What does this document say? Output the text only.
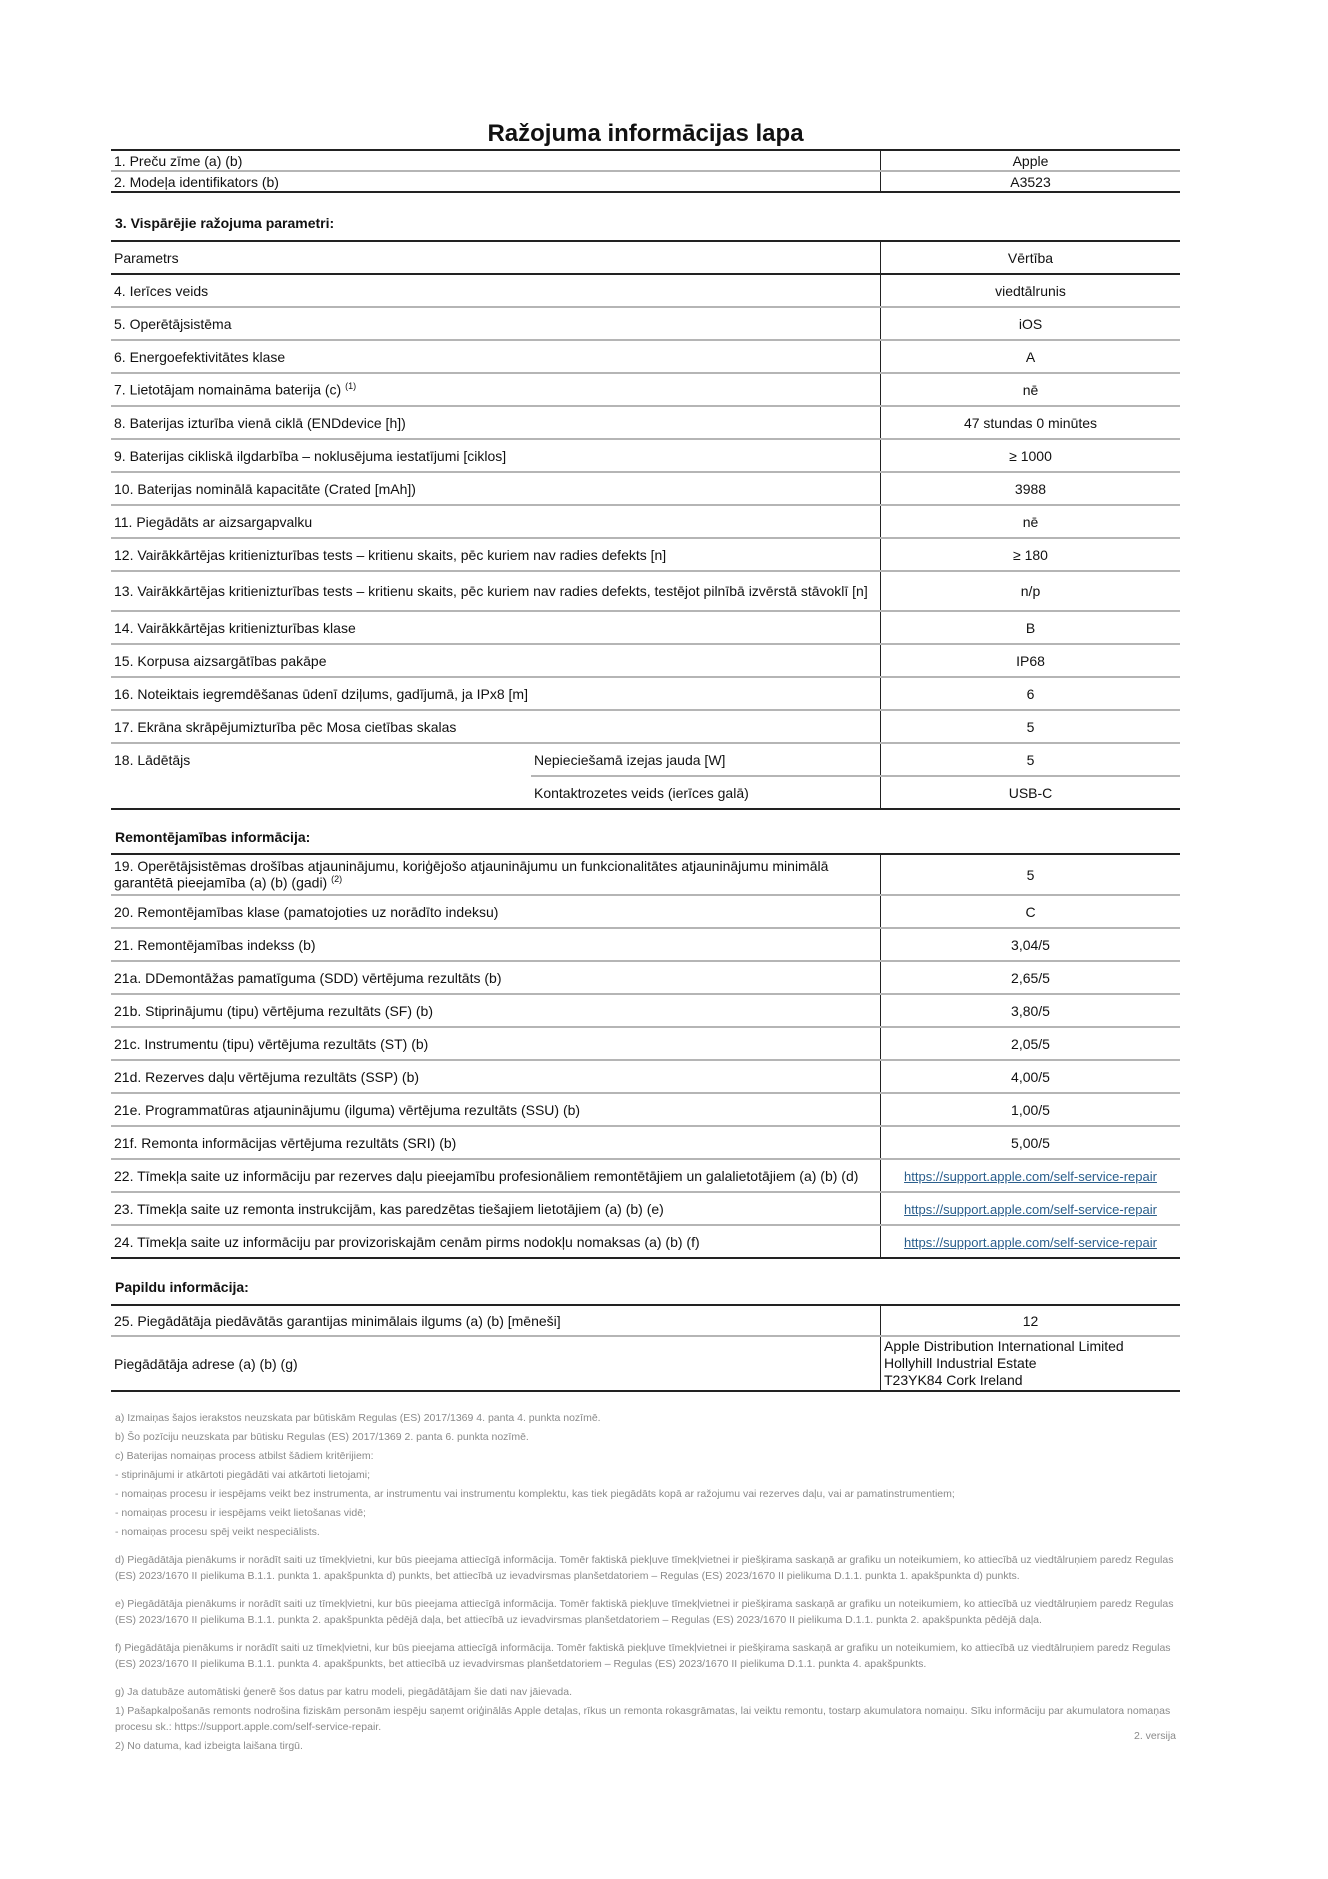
Ražojuma informācijas lapa
1. Preču zīme (a) (b)	Apple
2. Modeļa identifikators (b)	A3523
3. Vispārējie ražojuma parametri:
Parametrs		Vērtība
4. Ierīces veids		viedtālrunis
5. Operētājsistēma		iOS
6. Energoefektivitātes klase		A
7. Lietotājam nomaināma baterija (c) $^{(1)}$		nē
8. Baterijas izturība vienā ciklā (ENDdevice [h])		47 stundas 0 minūtes
9. Baterijas cikliskā ilgdarbība – noklusējuma iestatījumi [ciklos]		≥ 1000
10. Baterijas nominālā kapacitāte (Crated [mAh])		3988
11. Piegādāts ar aizsargapvalku		nē
12. Vairākkārtējas kritienizturības tests – kritienu skaits, pēc kuriem nav radies defekts [n]		≥ 180
13. Vairākkārtējas kritienizturības tests – kritienu skaits, pēc kuriem nav radies defekts, testējot pilnībā izvērstā stāvoklī [n]		n/p
14. Vairākkārtējas kritienizturības klase		B
15. Korpusa aizsargātības pakāpe		IP68
16. Noteiktais iegremdēšanas ūdenī dziļums, gadījumā, ja IPx8 [m]		6
17. Ekrāna skrāpējumizturība pēc Mosa cietības skalas		5
18. Lādētājs	Nepieciešamā izejas jauda [W]	5
	Kontaktrozetes veids (ierīces galā)	USB-C
Remontējamības informācija:
19. Operētājsistēmas drošības atjauninājumu, koriģējošo atjauninājumu un funkcionalitātes atjauninājumu minimālā garantētā pieejamība (a) (b) (gadi) $^{(2)}$	5
20. Remontējamības klase (pamatojoties uz norādīto indeksu)	C
21. Remontējamības indekss (b)	3,04/5
21a. DDemontāžas pamatīguma (SDD) vērtējuma rezultāts (b)	2,65/5
21b. Stiprinājumu (tipu) vērtējuma rezultāts (SF) (b)	3,80/5
21c. Instrumentu (tipu) vērtējuma rezultāts (ST) (b)	2,05/5
21d. Rezerves daļu vērtējuma rezultāts (SSP) (b)	4,00/5
21e. Programmatūras atjauninājumu (ilguma) vērtējuma rezultāts (SSU) (b)	1,00/5
21f. Remonta informācijas vērtējuma rezultāts (SRI) (b)	5,00/5
22. Tīmekļa saite uz informāciju par rezerves daļu pieejamību profesionāliem remontētājiem un galalietotājiem (a) (b) (d)	https://support.apple.com/self-service-repair
23. Tīmekļa saite uz remonta instrukcijām, kas paredzētas tiešajiem lietotājiem (a) (b) (e)	https://support.apple.com/self-service-repair
24. Tīmekļa saite uz informāciju par provizoriskajām cenām pirms nodokļu nomaksas (a) (b) (f)	https://support.apple.com/self-service-repair
Papildu informācija:
25. Piegādātāja piedāvātās garantijas minimālais ilgums (a) (b) [mēneši]	12
Piegādātāja adrese (a) (b) (g)	Apple Distribution International Limited
Hollyhill Industrial Estate
T23YK84 Cork Ireland

a) Izmaiņas šajos ierakstos neuzskata par būtiskām Regulas (ES) 2017/1369 4. panta 4. punkta nozīmē.

b) Šo pozīciju neuzskata par būtisku Regulas (ES) 2017/1369 2. panta 6. punkta nozīmē.

c) Baterijas nomaiņas process atbilst šādiem kritērijiem:

- stiprinājumi ir atkārtoti piegādāti vai atkārtoti lietojami;

- nomaiņas procesu ir iespējams veikt bez instrumenta, ar instrumentu vai instrumentu komplektu, kas tiek piegādāts kopā ar ražojumu vai rezerves daļu, vai ar pamatinstrumentiem;

- nomaiņas procesu ir iespējams veikt lietošanas vidē;

- nomaiņas procesu spēj veikt nespeciālists.

d) Piegādātāja pienākums ir norādīt saiti uz tīmekļvietni, kur būs pieejama attiecīgā informācija. Tomēr faktiskā piekļuve tīmekļvietnei ir piešķirama saskaņā ar grafiku un noteikumiem, ko attiecībā uz viedtālruņiem paredz Regulas (ES) 2023/1670 II pielikuma B.1.1. punkta 1. apakšpunkta d) punkts, bet attiecībā uz ievadvirsmas planšetdatoriem – Regulas (ES) 2023/1670 II pielikuma D.1.1. punkta 1. apakšpunkta d) punkts.

e) Piegādātāja pienākums ir norādīt saiti uz tīmekļvietni, kur būs pieejama attiecīgā informācija. Tomēr faktiskā piekļuve tīmekļvietnei ir piešķirama saskaņā ar grafiku un noteikumiem, ko attiecībā uz viedtālruņiem paredz Regulas (ES) 2023/1670 II pielikuma B.1.1. punkta 2. apakšpunkta pēdējā daļa, bet attiecībā uz ievadvirsmas planšetdatoriem – Regulas (ES) 2023/1670 II pielikuma D.1.1. punkta 2. apakšpunkta pēdējā daļa.

f) Piegādātāja pienākums ir norādīt saiti uz tīmekļvietni, kur būs pieejama attiecīgā informācija. Tomēr faktiskā piekļuve tīmekļvietnei ir piešķirama saskaņā ar grafiku un noteikumiem, ko attiecībā uz viedtālruņiem paredz Regulas (ES) 2023/1670 II pielikuma B.1.1. punkta 4. apakšpunkts, bet attiecībā uz ievadvirsmas planšetdatoriem – Regulas (ES) 2023/1670 II pielikuma D.1.1. punkta 4. apakšpunkts.

g) Ja datubāze automātiski ģenerē šos datus par katru modeli, piegādātājam šie dati nav jāievada.

1) Pašapkalpošanās remonts nodrošina fiziskām personām iespēju saņemt oriģinālās Apple detaļas, rīkus un remonta rokasgrāmatas, lai veiktu remontu, tostarp akumulatora nomaiņu. Sīku informāciju par akumulatora nomaņas procesu sk.: https://support.apple.com/self-service-repair.

2) No datuma, kad izbeigta laišana tirgū.

2. versija
